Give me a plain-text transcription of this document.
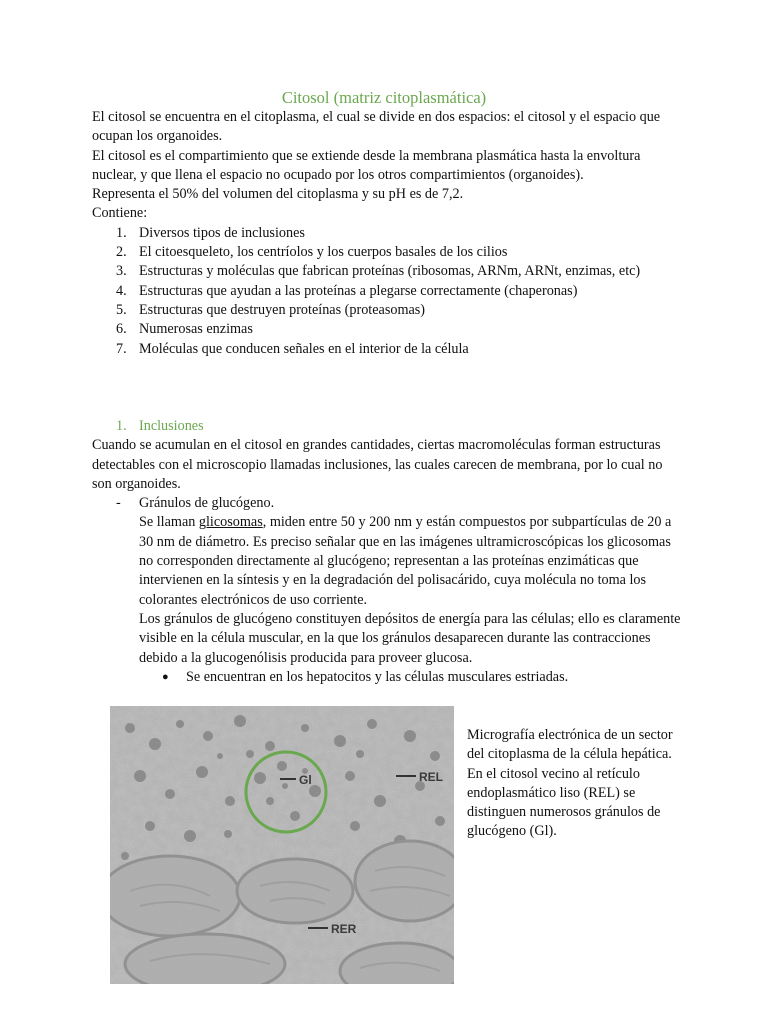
Citosol (matriz citoplasmática)

El citosol se encuentra en el citoplasma, el cual se divide en dos espacios: el citosol y el espacio que ocupan los organoides.

El citosol es el compartimiento que se extiende desde la membrana plasmática hasta la envoltura nuclear, y que llena el espacio no ocupado por los otros compartimientos (organoides).

Representa el 50% del volumen del citoplasma y su pH es de 7,2.

Contiene:

1. Diversos tipos de inclusiones
2. El citoesqueleto, los centríolos y los cuerpos basales de los cilios
3. Estructuras y moléculas que fabrican proteínas (ribosomas, ARNm, ARNt, enzimas, etc)
4. Estructuras que ayudan a las proteínas a plegarse correctamente (chaperonas)
5. Estructuras que destruyen proteínas (proteasomas)
6. Numerosas enzimas
7. Moléculas que conducen señales en el interior de la célula

1. Inclusiones

Cuando se acumulan en el citosol en grandes cantidades, ciertas macromoléculas forman estructuras detectables con el microscopio llamadas inclusiones, las cuales carecen de membrana, por lo cual no son organoides.

- Gránulos de glucógeno.

Se llaman glicosomas, miden entre 50 y 200 nm y están compuestos por subpartículas de 20 a 30 nm de diámetro. Es preciso señalar que en las imágenes ultramicroscópicas los glicosomas no corresponden directamente al glucógeno; representan a las proteínas enzimáticas que intervienen en la síntesis y en la degradación del polisacárido, cuya molécula no toma los colorantes electrónicos de uso corriente.

Los gránulos de glucógeno constituyen depósitos de energía para las células; ello es claramente visible en la célula muscular, en la que los gránulos desaparecen durante las contracciones debido a la glucogenólisis producida para proveer glucosa.

● Se encuentran en los hepatocitos y las células musculares estriadas.

Gl	REL
RER

Micrografía electrónica de un sector del citoplasma de la célula hepática. En el citosol vecino al retículo endoplasmático liso (REL) se distinguen numerosos gránulos de glucógeno (Gl).
